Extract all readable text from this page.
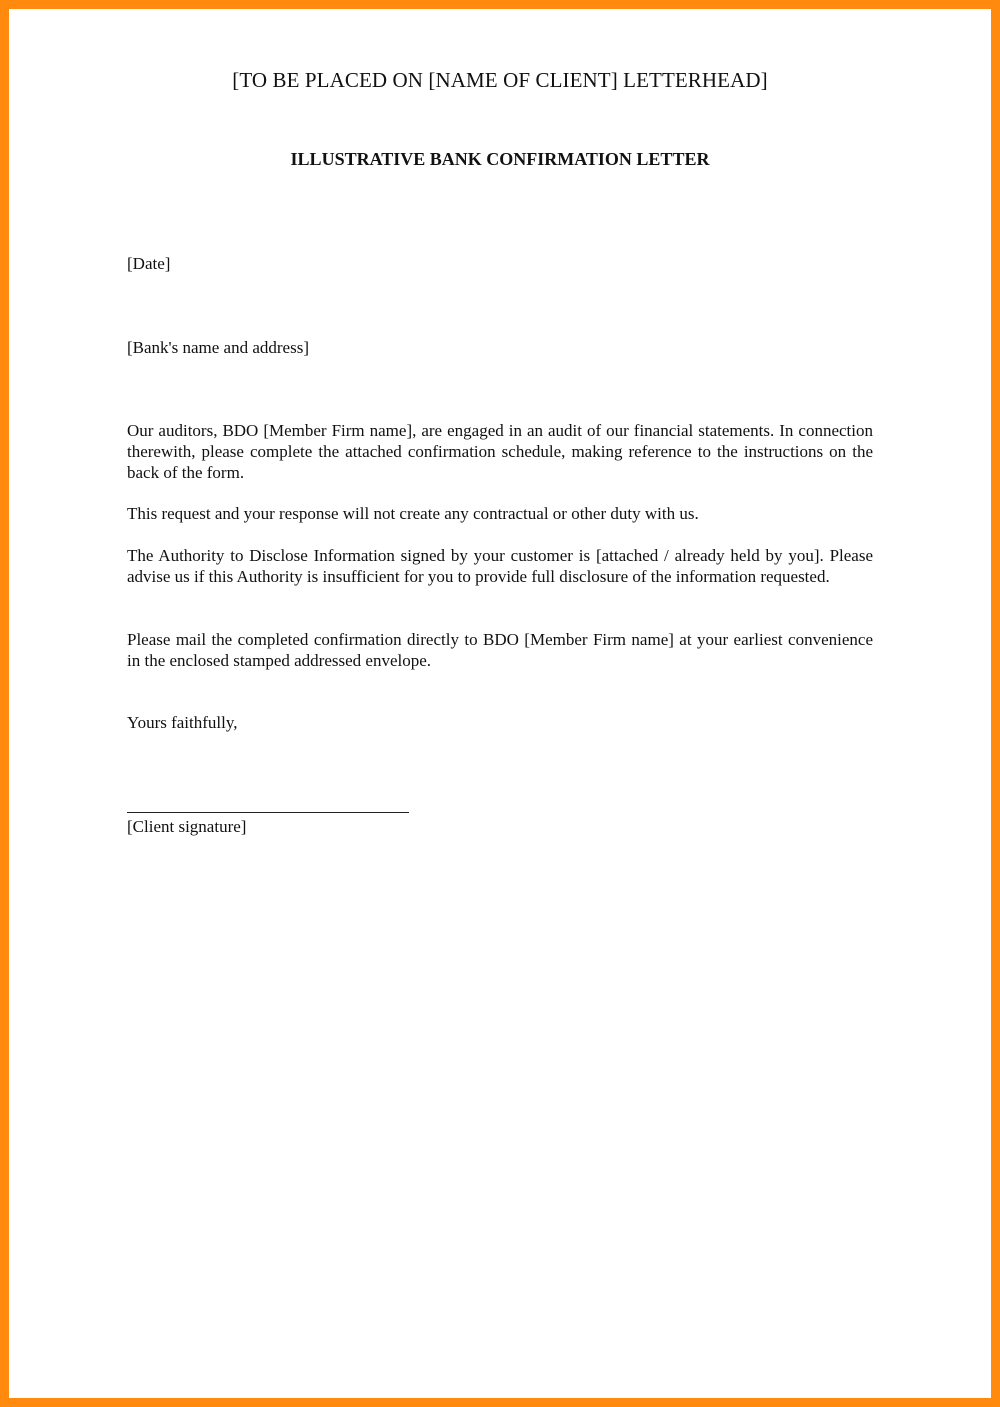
[TO BE PLACED ON [NAME OF CLIENT] LETTERHEAD]
ILLUSTRATIVE BANK CONFIRMATION LETTER
[Date]
[Bank's name and address]
Our auditors, BDO [Member Firm name], are engaged in an audit of our financial statements. In connection therewith, please complete the attached confirmation schedule, making reference to the instructions on the back of the form.
This request and your response will not create any contractual or other duty with us.
The Authority to Disclose Information signed by your customer is [attached / already held by you]. Please advise us if this Authority is insufficient for you to provide full disclosure of the information requested.
Please mail the completed confirmation directly to BDO [Member Firm name] at your earliest convenience in the enclosed stamped addressed envelope.
Yours faithfully,
[Client signature]
